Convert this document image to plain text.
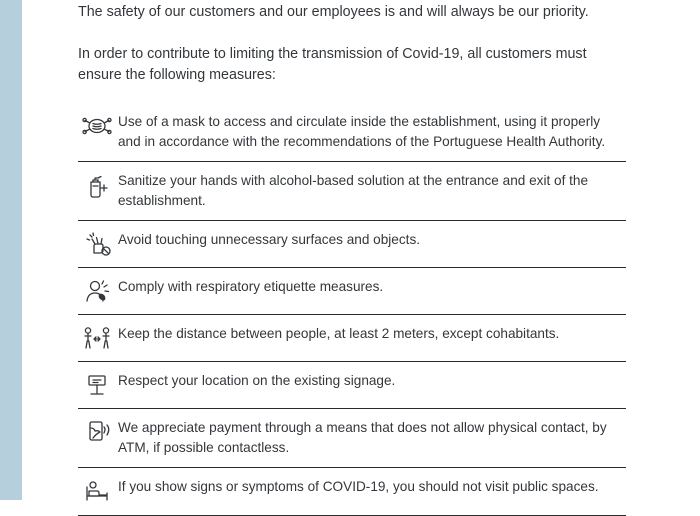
The safety of our customers and our employees is and will always be our priority.

In order to contribute to limiting the transmission of Covid-19, all customers must ensure the following measures:

Use of a mask to access and circulate inside the establishment, using it properly and in accordance with the recommendations of the Portuguese Health Authority.
Sanitize your hands with alcohol-based solution at the entrance and exit of the establishment.
Avoid touching unnecessary surfaces and objects.
Comply with respiratory etiquette measures.
Keep the distance between people, at least 2 meters, except cohabitants.
Respect your location on the existing signage.
We appreciate payment through a means that does not allow physical contact, by ATM, if possible contactless.
If you show signs or symptoms of COVID-19, you should not visit public spaces.
